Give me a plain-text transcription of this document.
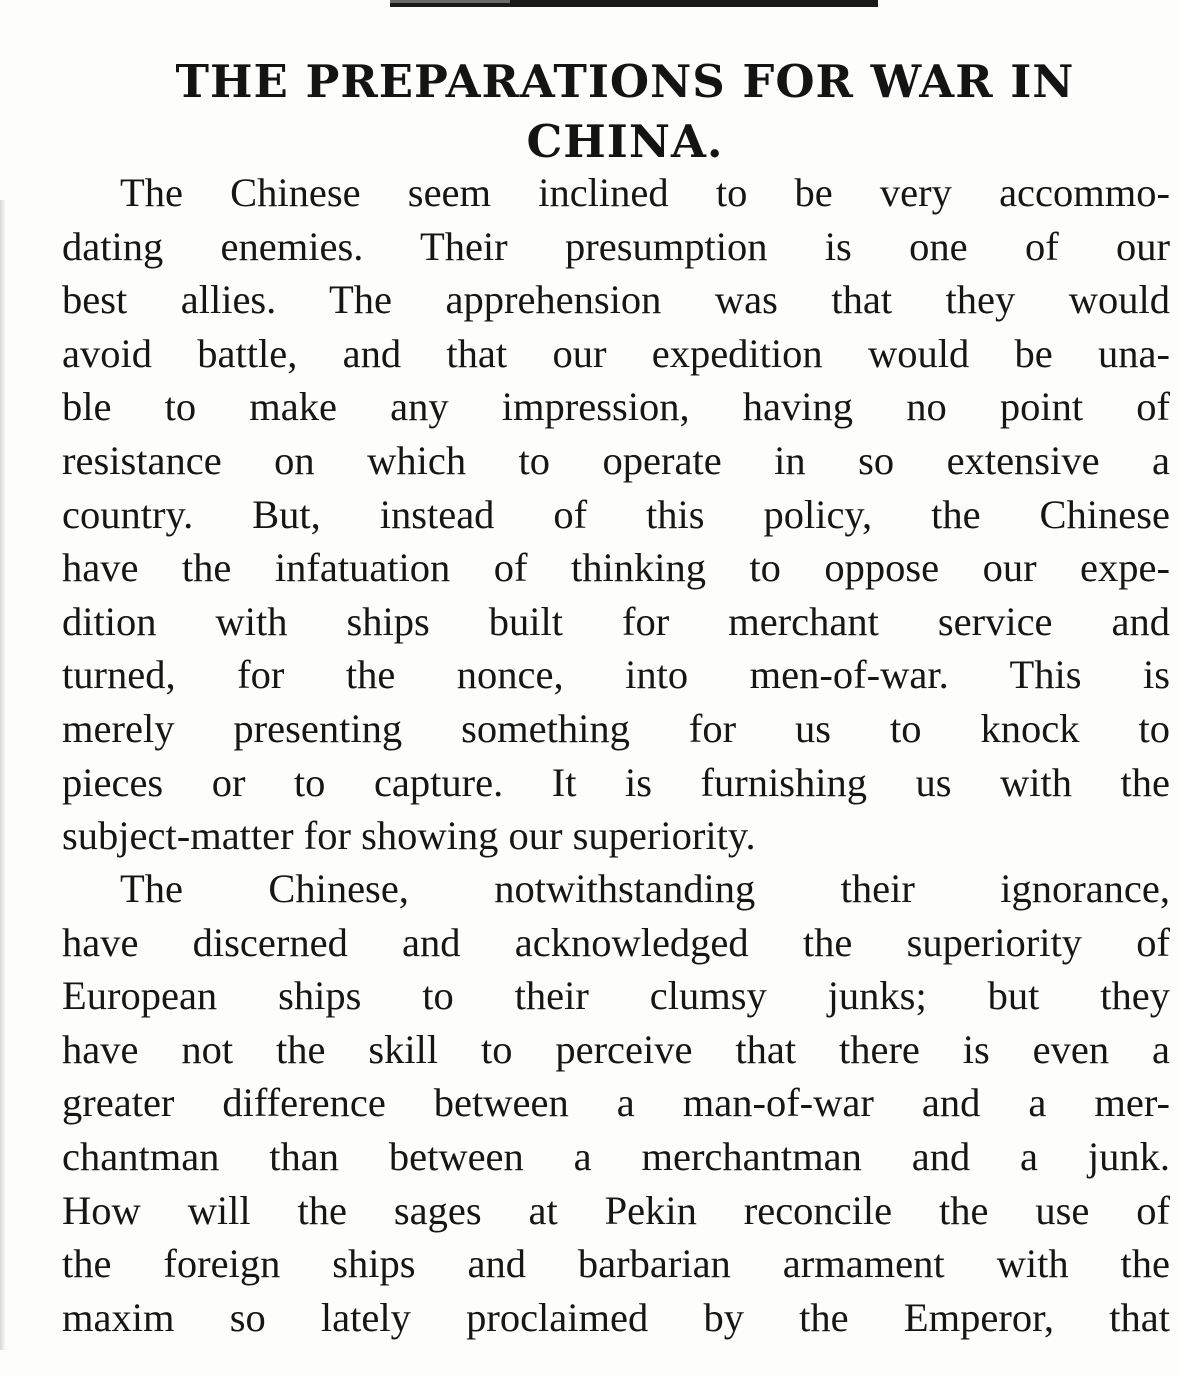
THE PREPARATIONS FOR WAR IN
CHINA.
The Chinese seem inclined to be very accommo-
dating enemies. Their presumption is one of our
best allies. The apprehension was that they would
avoid battle, and that our expedition would be una-
ble to make any impression, having no point of
resistance on which to operate in so extensive a
country. But, instead of this policy, the Chinese
have the infatuation of thinking to oppose our expe-
dition with ships built for merchant service and
turned, for the nonce, into men-of-war. This is
merely presenting something for us to knock to
pieces or to capture. It is furnishing us with the
subject-matter for showing our superiority.
The Chinese, notwithstanding their ignorance,
have discerned and acknowledged the superiority of
European ships to their clumsy junks; but they
have not the skill to perceive that there is even a
greater difference between a man-of-war and a mer-
chantman than between a merchantman and a junk.
How will the sages at Pekin reconcile the use of
the foreign ships and barbarian armament with the
maxim so lately proclaimed by the Emperor, that
